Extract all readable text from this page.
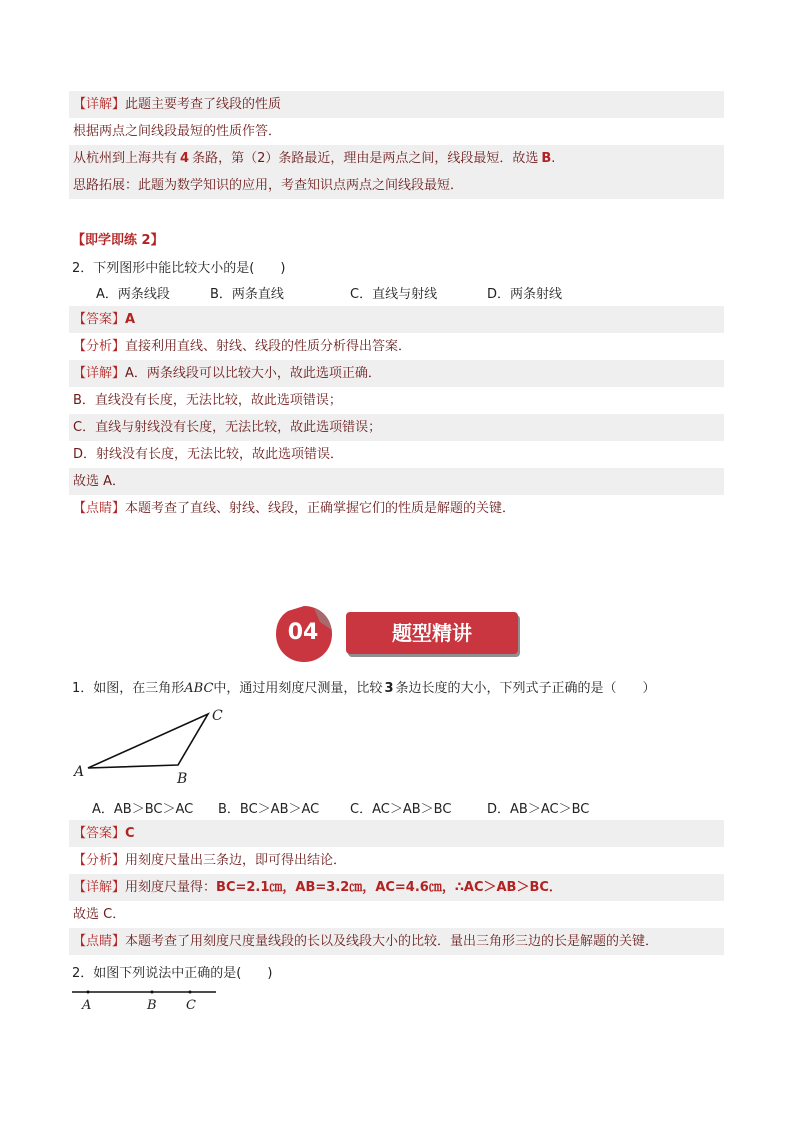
【详解】此题主要考查了线段的性质
根据两点之间线段最短的性质作答．
从杭州到上海共有 4 条路，第（2）条路最近，理由是两点之间，线段最短．故选 B.
思路拓展：此题为数学知识的应用，考查知识点两点之间线段最短．
【即学即练 2】
2．下列图形中能比较大小的是(　　)
A．两条线段	B．两条直线	C．直线与射线	D．两条射线
【答案】A
【分析】直接利用直线、射线、线段的性质分析得出答案．
【详解】A．两条线段可以比较大小，故此选项正确．
B．直线没有长度，无法比较，故此选项错误；
C．直线与射线没有长度，无法比较，故此选项错误；
D．射线没有长度，无法比较，故此选项错误．
故选 A．
【点睛】本题考查了直线、射线、线段，正确掌握它们的性质是解题的关键．
04	题型精讲
1．如图，在三角形ABC中，通过用刻度尺测量，比较 3 条边长度的大小，下列式子正确的是（　　）
A	B
C
A．AB＞BC＞AC B．BC＞AB＞AC C．AC＞AB＞BC	D．AB＞AC＞BC
【答案】C
【分析】用刻度尺量出三条边，即可得出结论．
【详解】用刻度尺量得：BC=2.1㎝，AB=3.2㎝，AC=4.6㎝，∴AC＞AB＞BC．
故选 C．
【点睛】本题考查了用刻度尺度量线段的长以及线段大小的比较．量出三角形三边的长是解题的关键．
2．如图下列说法中正确的是(　　)
A	B C
